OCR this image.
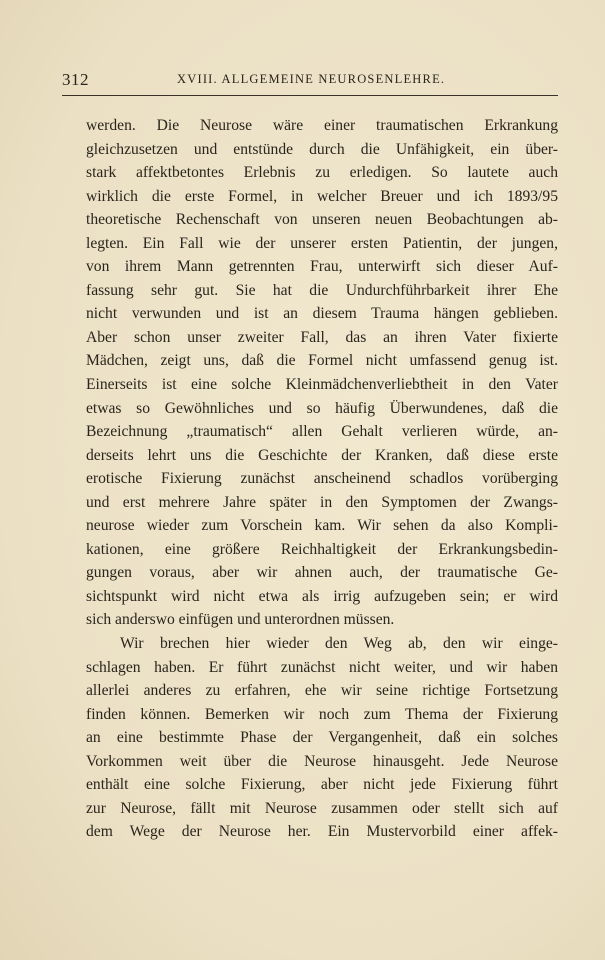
312	XVIII. ALLGEMEINE NEUROSENLEHRE.
werden. Die Neurose wäre einer traumatischen Erkrankung
gleichzusetzen und entstünde durch die Unfähigkeit, ein über-
stark affektbetontes Erlebnis zu erledigen. So lautete auch
wirklich die erste Formel, in welcher Breuer und ich 1893/95
theoretische Rechenschaft von unseren neuen Beobachtungen ab-
legten. Ein Fall wie der unserer ersten Patientin, der jungen,
von ihrem Mann getrennten Frau, unterwirft sich dieser Auf-
fassung sehr gut. Sie hat die Undurchführbarkeit ihrer Ehe
nicht verwunden und ist an diesem Trauma hängen geblieben.
Aber schon unser zweiter Fall, das an ihren Vater fixierte
Mädchen, zeigt uns, daß die Formel nicht umfassend genug ist.
Einerseits ist eine solche Kleinmädchenverliebtheit in den Vater
etwas so Gewöhnliches und so häufig Überwundenes, daß die
Bezeichnung „traumatisch“ allen Gehalt verlieren würde, an-
derseits lehrt uns die Geschichte der Kranken, daß diese erste
erotische Fixierung zunächst anscheinend schadlos vorüberging
und erst mehrere Jahre später in den Symptomen der Zwangs-
neurose wieder zum Vorschein kam. Wir sehen da also Kompli-
kationen, eine größere Reichhaltigkeit der Erkrankungsbedin-
gungen voraus, aber wir ahnen auch, der traumatische Ge-
sichtspunkt wird nicht etwa als irrig aufzugeben sein; er wird
sich anderswo einfügen und unterordnen müssen.
Wir brechen hier wieder den Weg ab, den wir einge-
schlagen haben. Er führt zunächst nicht weiter, und wir haben
allerlei anderes zu erfahren, ehe wir seine richtige Fortsetzung
finden können. Bemerken wir noch zum Thema der Fixierung
an eine bestimmte Phase der Vergangenheit, daß ein solches
Vorkommen weit über die Neurose hinausgeht. Jede Neurose
enthält eine solche Fixierung, aber nicht jede Fixierung führt
zur Neurose, fällt mit Neurose zusammen oder stellt sich auf
dem Wege der Neurose her. Ein Mustervorbild einer affek-
